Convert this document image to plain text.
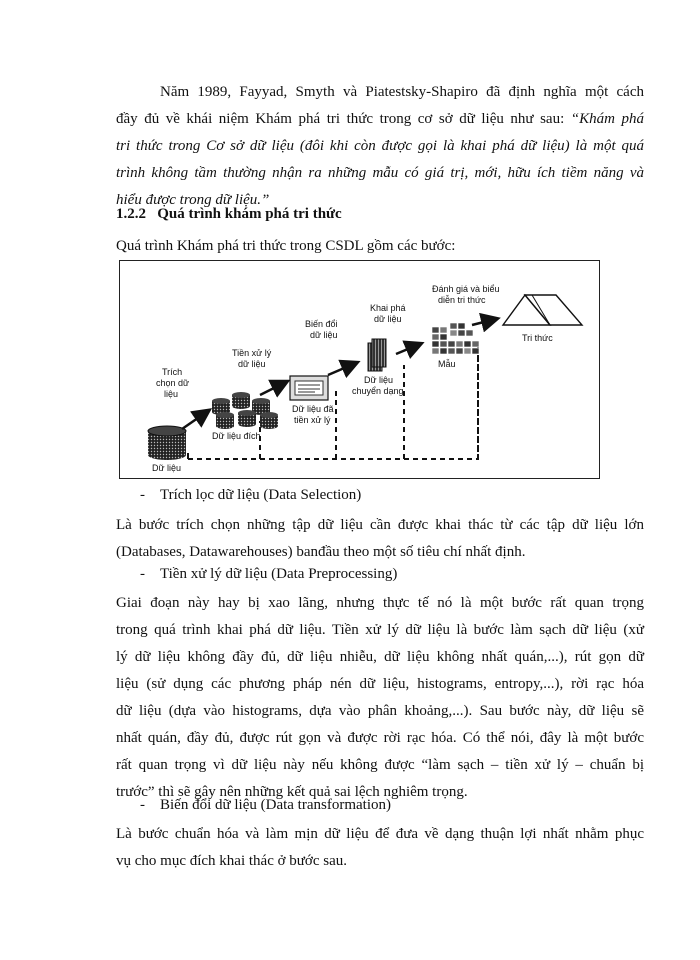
Năm 1989, Fayyad, Smyth và Piatestsky-Shapiro đã định nghĩa một cách
đầy đủ về khái niệm Khám phá tri thức trong cơ sở dữ liệu như sau: “Khám phá
tri thức trong Cơ sở dữ liệu (đôi khi còn được gọi là khai phá dữ liệu) là một quá
trình không tầm thường nhận ra những mẫu có giá trị, mới, hữu ích tiềm năng và
hiểu được trong dữ liệu.”
1.2.2 Quá trình khám phá tri thức
Quá trình Khám phá tri thức trong CSDL gồm các bước:
Dữ liệu
Trích
chọn dữ
liệu
Dữ liệu đích
Tiền xử lý
dữ liệu
Dữ liệu đã
tiền xử lý
Biến đổi
dữ liệu
Dữ liệu
chuyển dạng
Khai phá
dữ liệu
Mẫu
Đánh giá và biểu
diễn tri thức
Tri thức
- Trích lọc dữ liệu (Data Selection)
Là bước trích chọn những tập dữ liệu cần được khai thác từ các tập dữ liệu lớn
(Databases, Datawarehouses) banđầu theo một số tiêu chí nhất định.
- Tiền xử lý dữ liệu (Data Preprocessing)
Giai đoạn này hay bị xao lãng, nhưng thực tế nó là một bước rất quan trọng
trong quá trình khai phá dữ liệu. Tiền xử lý dữ liệu là bước làm sạch dữ liệu (xử
lý dữ liệu không đầy đủ, dữ liệu nhiễu, dữ liệu không nhất quán,...), rút gọn dữ
liệu (sử dụng các phương pháp nén dữ liệu, histograms, entropy,...), rời rạc hóa
dữ liệu (dựa vào histograms, dựa vào phân khoảng,...). Sau bước này, dữ liệu sẽ
nhất quán, đầy đủ, được rút gọn và được rời rạc hóa. Có thể nói, đây là một bước
rất quan trọng vì dữ liệu này nếu không được “làm sạch – tiền xử lý – chuẩn bị
trước” thì sẽ gây nên những kết quả sai lệch nghiêm trọng.
- Biến đổi dữ liệu (Data transformation)
Là bước chuẩn hóa và làm mịn dữ liệu để đưa về dạng thuận lợi nhất nhằm phục
vụ cho mục đích khai thác ở bước sau.
